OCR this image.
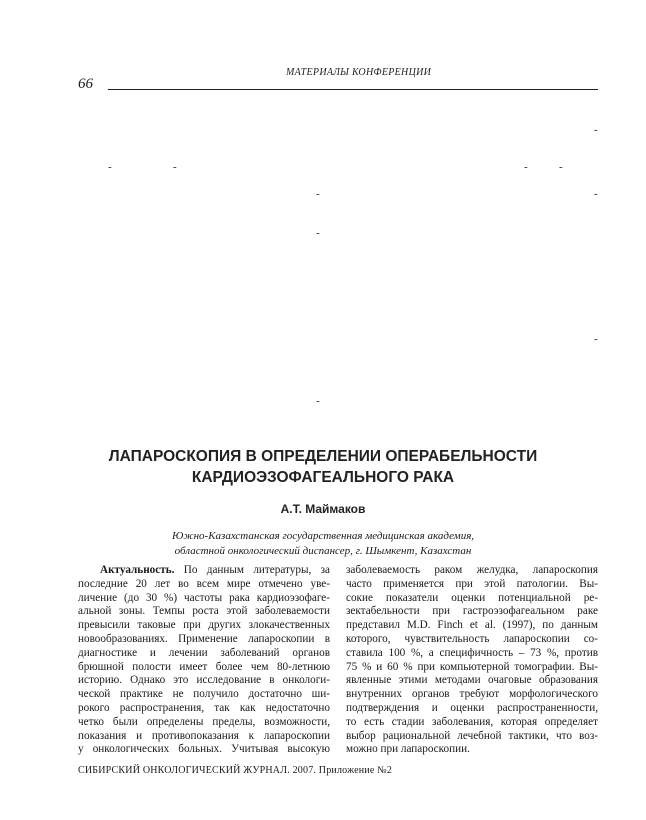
МАТЕРИАЛЫ КОНФЕРЕНЦИИ
66
-
-	-	-	-
-	-
-
-
-
ЛАПАРОСКОПИЯ В ОПРЕДЕЛЕНИИ ОПЕРАБЕЛЬНОСТИ
КАРДИОЭЗОФАГЕАЛЬНОГО РАКА
А.Т. Маймаков
Южно-Казахстанская государственная медицинская академия,
областной онкологический диспансер, г. Шымкент, Казахстан
Актуальность. По данным литературы, за
последние 20 лет во всем мире отмечено уве-
личение (до 30 %) частоты рака кардиоэзофаге-
альной зоны. Темпы роста этой заболеваемости
превысили таковые при других злокачественных
новообразованиях. Применение лапароскопии в
диагностике и лечении заболеваний органов
брюшной полости имеет более чем 80-летнюю
историю. Однако это исследование в онкологи-
ческой практике не получило достаточно ши-
рокого распространения, так как недостаточно
четко были определены пределы, возможности,
показания и противопоказания к лапароскопии
у онкологических больных. Учитывая высокую
заболеваемость раком желудка, лапароскопия
часто применяется при этой патологии. Вы-
сокие показатели оценки потенциальной ре-
зектабельности при гастроэзофагеальном раке
представил M.D. Finch et al. (1997), по данным
которого, чувствительность лапароскопии со-
ставила 100 %, а специфичность – 73 %, против
75 % и 60 % при компьютерной томографии. Вы-
явленные этими методами очаговые образования
внутренних органов требуют морфологического
подтверждения и оценки распространенности,
то есть стадии заболевания, которая определяет
выбор рациональной лечебной тактики, что воз-
можно при лапароскопии.
СИБИРСКИЙ ОНКОЛОГИЧЕСКИЙ ЖУРНАЛ. 2007. Приложение №2
